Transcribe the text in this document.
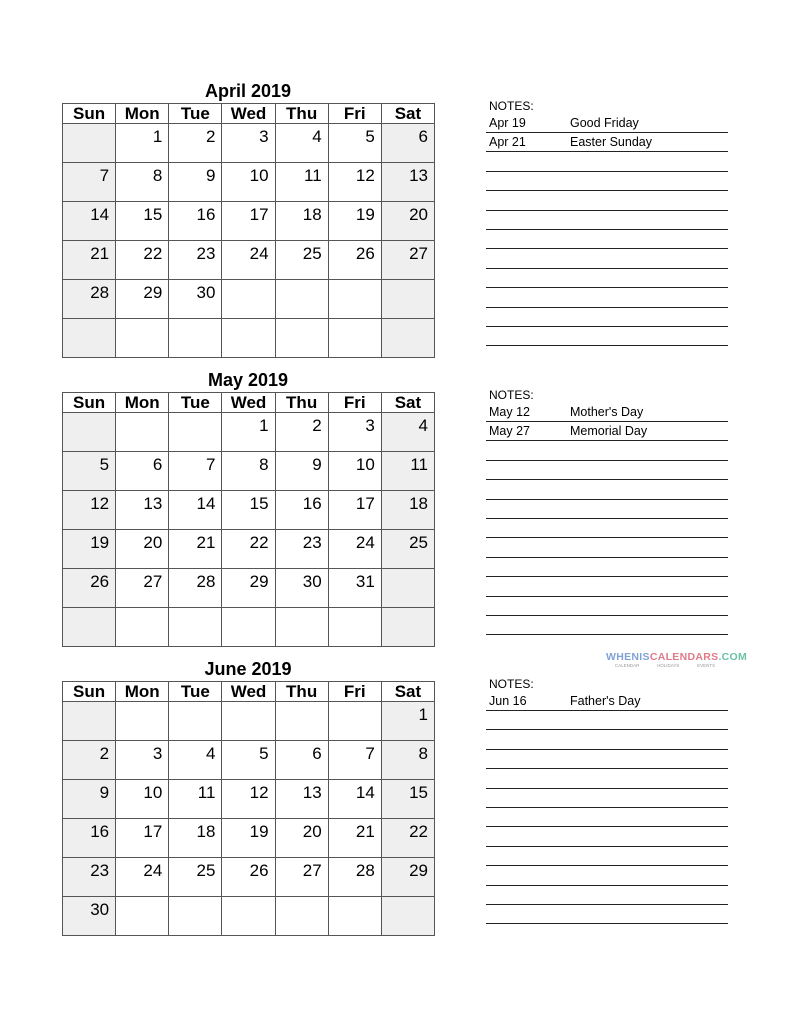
April 2019
Sun	Mon	Tue	Wed	Thu	Fri	Sat

	1	2	3	4	5	6

7	8	9	10	11	12	13

14	15	16	17	18	19	20

21	22	23	24	25	26	27

28	29	30				

NOTES:
Apr 19	Good Friday
Apr 21	Easter Sunday
May 2019
Sun	Mon	Tue	Wed	Thu	Fri	Sat

			1	2	3	4

5	6	7	8	9	10	11

12	13	14	15	16	17	18

19	20	21	22	23	24	25

26	27	28	29	30	31	

NOTES:
May 12	Mother's Day
May 27	Memorial Day
June 2019
Sun	Mon	Tue	Wed	Thu	Fri	Sat

						1

2	3	4	5	6	7	8

9	10	11	12	13	14	15

16	17	18	19	20	21	22

23	24	25	26	27	28	29

30						

NOTES:
Jun 16	Father's Day
WHENISCALENDARS.COM
CALENDAR	HOLIDAYS	EVENTS
